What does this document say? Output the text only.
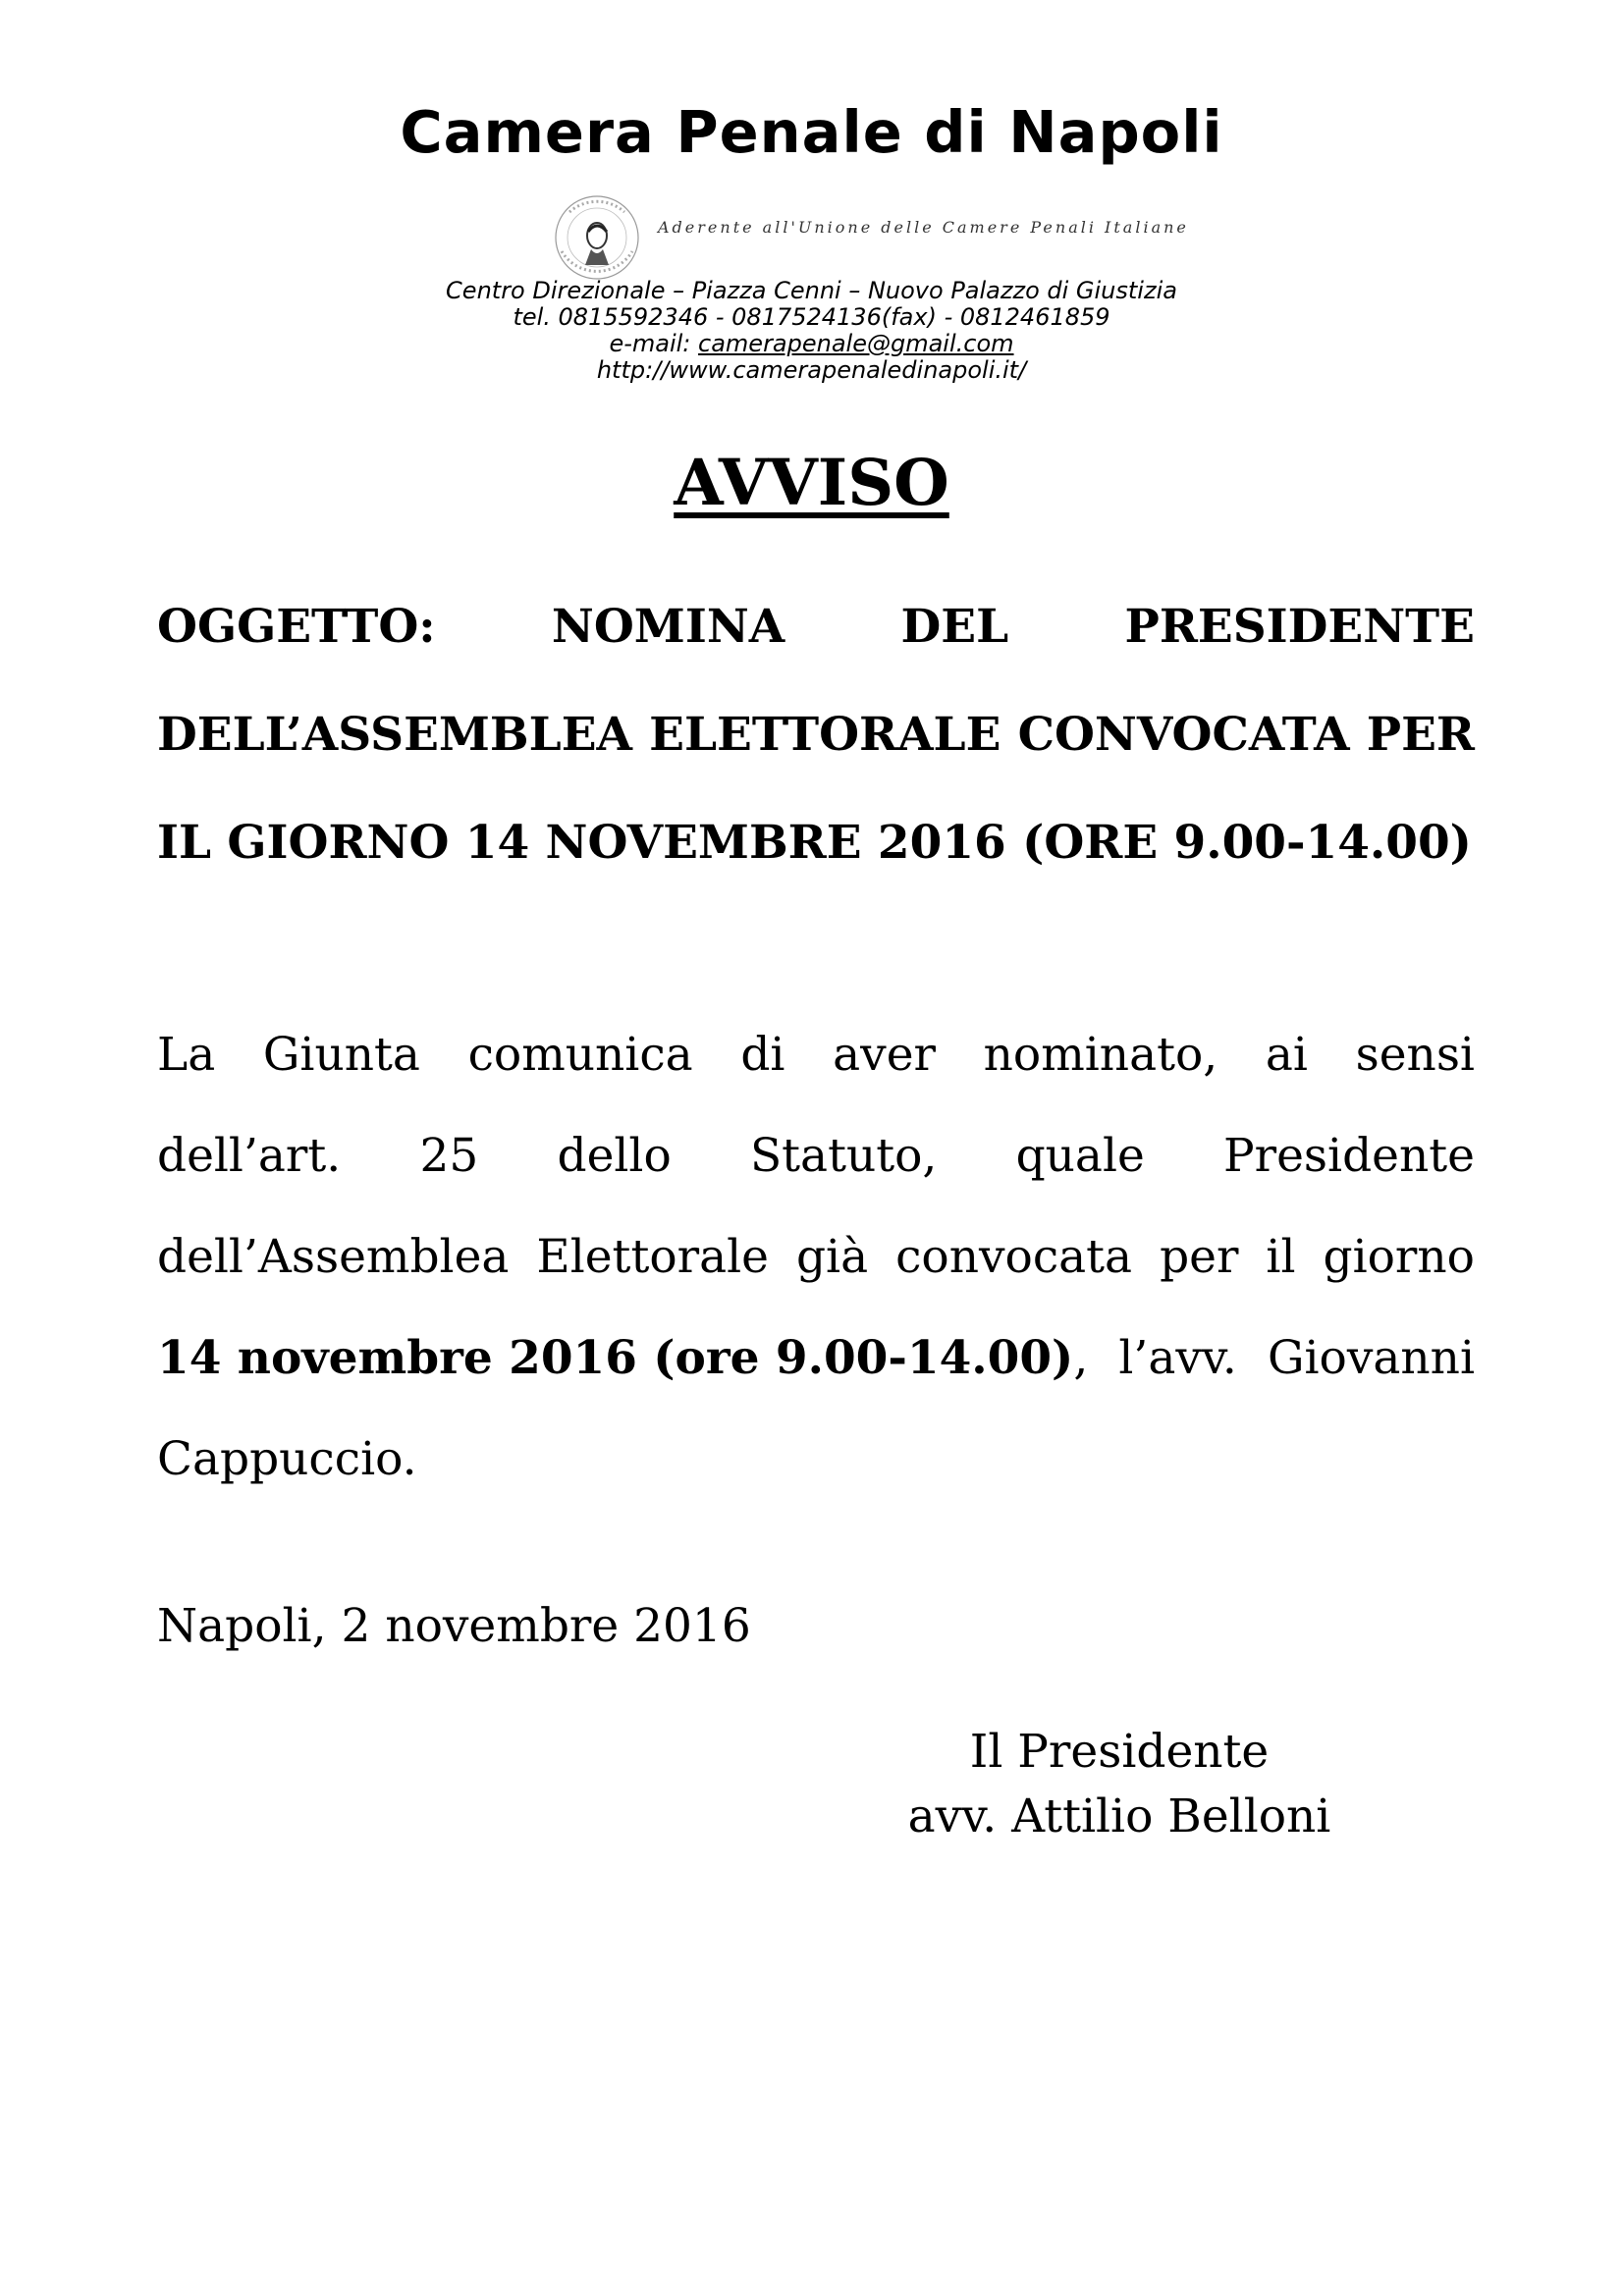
Camera Penale di Napoli
Aderente all'Unione delle Camere Penali Italiane
Centro Direzionale – Piazza Cenni – Nuovo Palazzo di Giustizia
tel. 0815592346 - 0817524136(fax) - 0812461859
e-mail: camerapenale@gmail.com
http://www.camerapenaledinapoli.it/
AVVISO
OGGETTO:	NOMINA	DEL	PRESIDENTE
DELL’ASSEMBLEA ELETTORALE CONVOCATA PER
IL GIORNO 14 NOVEMBRE 2016 (ORE 9.00-14.00)
La Giunta comunica di aver nominato, ai sensi
dell’art. 25 dello Statuto, quale Presidente
dell’Assemblea Elettorale già convocata per il giorno
14 novembre 2016 (ore 9.00-14.00), l’avv. Giovanni
Cappuccio.
Napoli, 2 novembre 2016
Il Presidente
avv. Attilio Belloni
